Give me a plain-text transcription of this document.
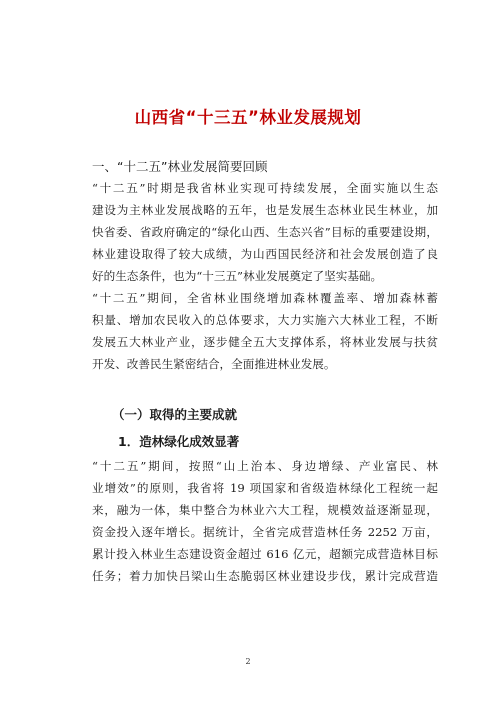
山西省“十三五”林业发展规划
一、“十二五”林业发展简要回顾
“十二五”时期是我省林业实现可持续发展，全面实施以生态
建设为主林业发展战略的五年，也是发展生态林业民生林业，加
快省委、省政府确定的“绿化山西、生态兴省”目标的重要建设期，
林业建设取得了较大成绩，为山西国民经济和社会发展创造了良
好的生态条件，也为“十三五”林业发展奠定了坚实基础。
“十二五”期间，全省林业围绕增加森林覆盖率、增加森林蓄
积量、增加农民收入的总体要求，大力实施六大林业工程，不断
发展五大林业产业，逐步健全五大支撑体系，将林业发展与扶贫
开发、改善民生紧密结合，全面推进林业发展。
（一）取得的主要成就
1．造林绿化成效显著
“十二五”期间，按照“山上治本、身边增绿、产业富民、林
业增效”的原则，我省将 19 项国家和省级造林绿化工程统一起
来，融为一体，集中整合为林业六大工程，规模效益逐渐显现，
资金投入逐年增长。据统计，全省完成营造林任务 2252 万亩，
累计投入林业生态建设资金超过 616 亿元，超额完成营造林目标
任务；着力加快吕梁山生态脆弱区林业建设步伐，累计完成营造
2
